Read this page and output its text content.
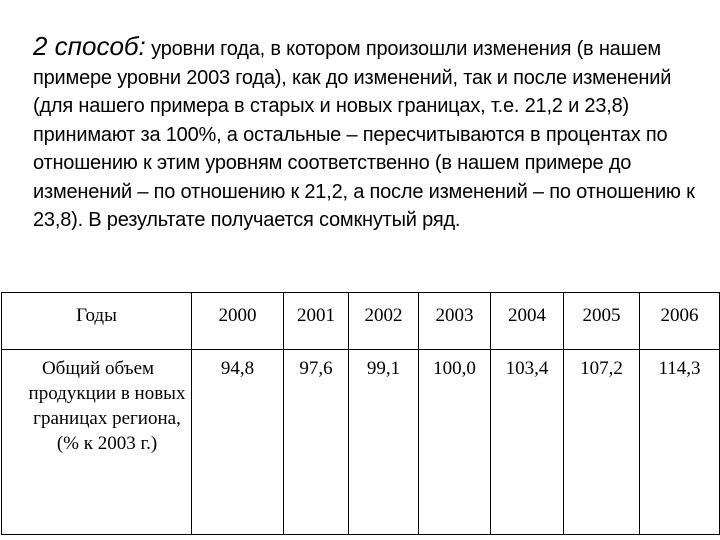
2 способ: уровни года, в котором произошли изменения (в нашем примере уровни 2003 года), как до изменений, так и после изменений (для нашего примера в старых и новых границах, т.е. 21,2 и 23,8) принимают за 100%, а остальные – пересчитываются в процентах по отношению к этим уровням соответственно (в нашем примере до изменений – по отношению к 21,2, а после изменений – по отношению к 23,8). В результате получается сомкнутый ряд.

Годы	2000	2001	2002	2003	2004	2005	2006
Общий объем продукции в новых границах региона, (% к 2003 г.)	94,8	97,6	99,1	100,0	103,4	107,2	114,3
